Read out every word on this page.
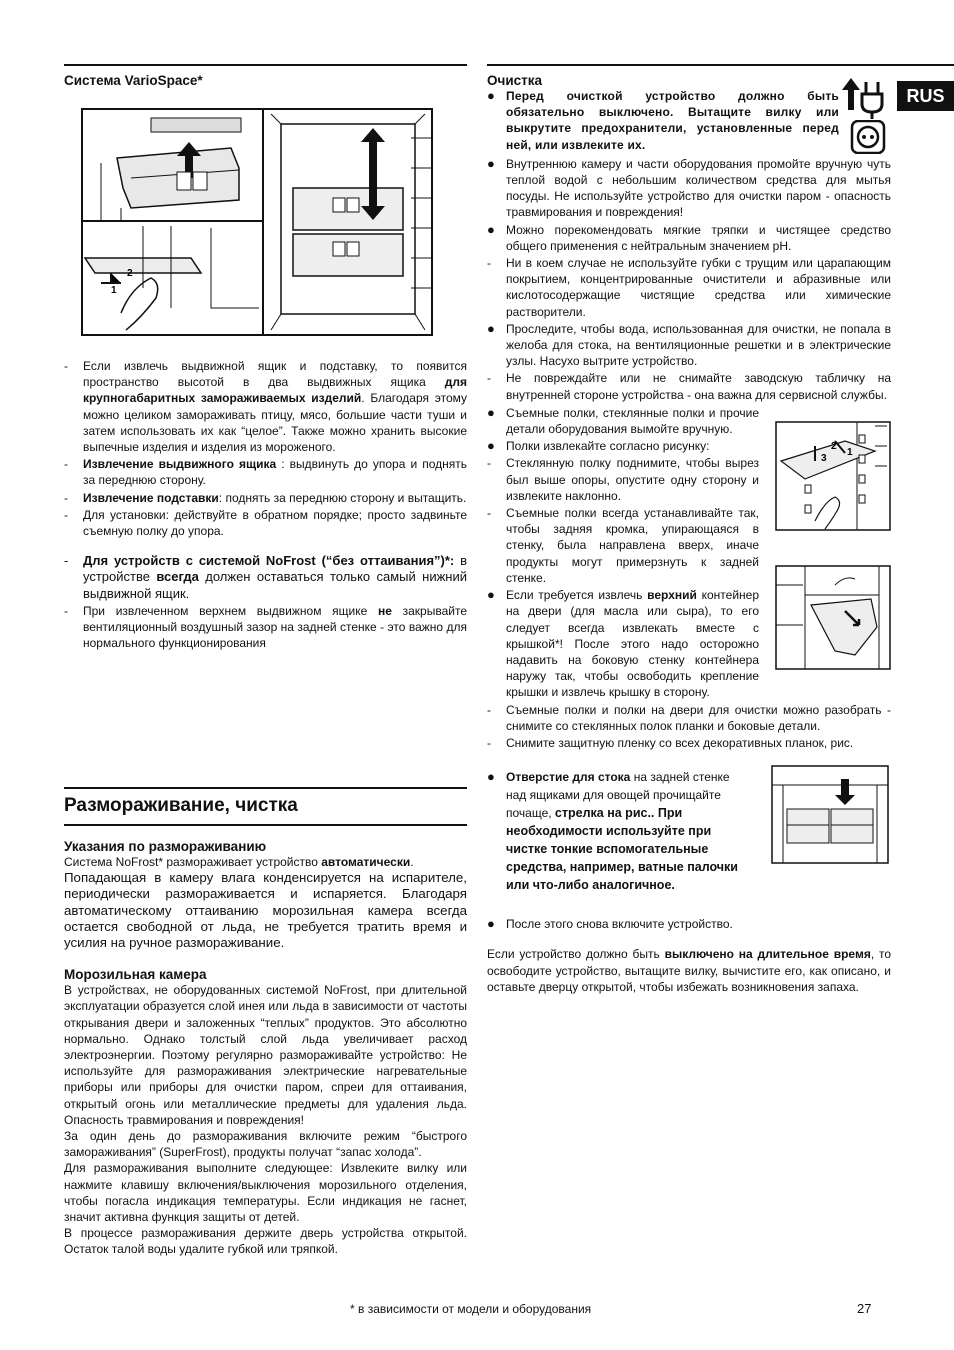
RUS
Система VarioSpace*
2
1
-	Если извлечь выдвижной ящик и подставку, то появится пространство высотой в два выдвижных ящика для крупногабаритных замораживаемых изделий. Благодаря этому можно целиком замораживать птицу, мясо, большие части туши и затем использовать их как “целое”. Также можно хранить высокие выпечные изделия и изделия из мороженого.
-	Извлечение выдвижного ящика : выдвинуть до упора и поднять за переднюю сторону.
-	Извлечение подставки: поднять за переднюю сторону и вытащить.
-	Для установки: действуйте в обратном порядке; просто задвиньте съемную полку до упора.
-	Для устройств с системой NoFrost (“без оттаивания”)*: в устройстве всегда должен оставаться только самый нижний выдвижной ящик.
-	При извлеченном верхнем выдвижном ящике не закрывайте вентиляционный воздушный зазор на задней стенке - это важно для нормального функционирования
Размораживание, чистка
Указания по размораживанию
Система NoFrost* размораживает устройство автоматически.
Попадающая в камеру влага конденсируется на испарителе, периодически размораживается и испаряется. Благодаря автоматическому оттаиванию морозильная камера всегда остается свободной от льда, не требуется тратить время и усилия на ручное размораживание.
Морозильная камера
В устройствах, не оборудованных системой NoFrost, при длительной эксплуатации образуется слой инея или льда в зависимости от частоты открывания двери и заложенных “теплых” продуктов. Это абсолютно нормально. Однако толстый слой льда увеличивает расход электроэнергии. Поэтому регулярно размораживайте устройство: Не используйте для размораживания электрические нагревательные приборы или приборы для очистки паром, спреи для оттаивания, открытый огонь или металлические предметы для удаления льда. Опасность травмирования и повреждения!
За один день до размораживания включите режим “быстрого замораживания” (SuperFrost), продукты получат “запас холода”.
Для размораживания выполните следующее: Извлеките вилку или нажмите клавишу включения/выключения морозильного отделения, чтобы погасла индикация температуры. Если индикация не гаснет, значит активна функция защиты от детей.
В процессе размораживания держите дверь устройства открытой. Остаток талой воды удалите губкой или тряпкой.
Очистка
● Перед очисткой устройство должно быть обязательно выключено. Вытащите вилку или выкрутите предохранители, установленные перед ней, или извлеките их.
● Внутреннюю камеру и части оборудования промойте вручную чуть теплой водой с небольшим количеством средства для мытья посуды. Не используйте устройство для очистки паром - опасность травмирования и повреждения!
● Можно порекомендовать мягкие тряпки и чистящее средство общего применения с нейтральным значением pH.
-	Ни в коем случае не используйте губки с трущим или царапающим покрытием, концентрированные очистители и абразивные или кислотосодержащие чистящие средства или химические растворители.
● Проследите, чтобы вода, использованная для очистки, не попала в желоба для стока, на вентиляционные решетки и в электрические узлы. Насухо вытрите устройство.
-	Не повреждайте или не снимайте заводскую табличку на внутренней стороне устройства - она важна для сервисной службы.
● Съемные полки, стеклянные полки и прочие детали оборудования вымойте вручную.
● Полки извлекайте согласно рисунку:
-	Стеклянную полку поднимите, чтобы вырез был выше опоры, опустите одну сторону и извлеките наклонно.
-	Съемные полки всегда устанавливайте так, чтобы задняя кромка, упирающаяся в стенку, была направлена вверх, иначе продукты могут примерзнуть к задней стенке.
● Если требуется извлечь верхний контейнер на двери (для масла или сыра), то его следует всегда извлекать вместе с крышкой*! После этого надо осторожно надавить на боковую стенку контейнера наружу так, чтобы освободить крепление крышки и извлечь крышку в сторону.
3
2
1
-	Съемные полки и полки на двери для очистки можно разобрать - снимите со стеклянных полок планки и боковые детали.
-	Снимите защитную пленку со всех декоративных планок, рис.
● Отверстие для стока на задней стенке над ящиками для овощей прочищайте почаще, стрелка на рис.. При необходимости используйте при чистке тонкие вспомогательные средства, например, ватные палочки или что-либо аналогичное.
● После этого снова включите устройство.
Если устройство должно быть выключено на длительное время, то освободите устройство, вытащите вилку, вычистите его, как описано, и оставьте дверцу открытой, чтобы избежать возникновения запаха.
* в зависимости от модели и оборудования	27
